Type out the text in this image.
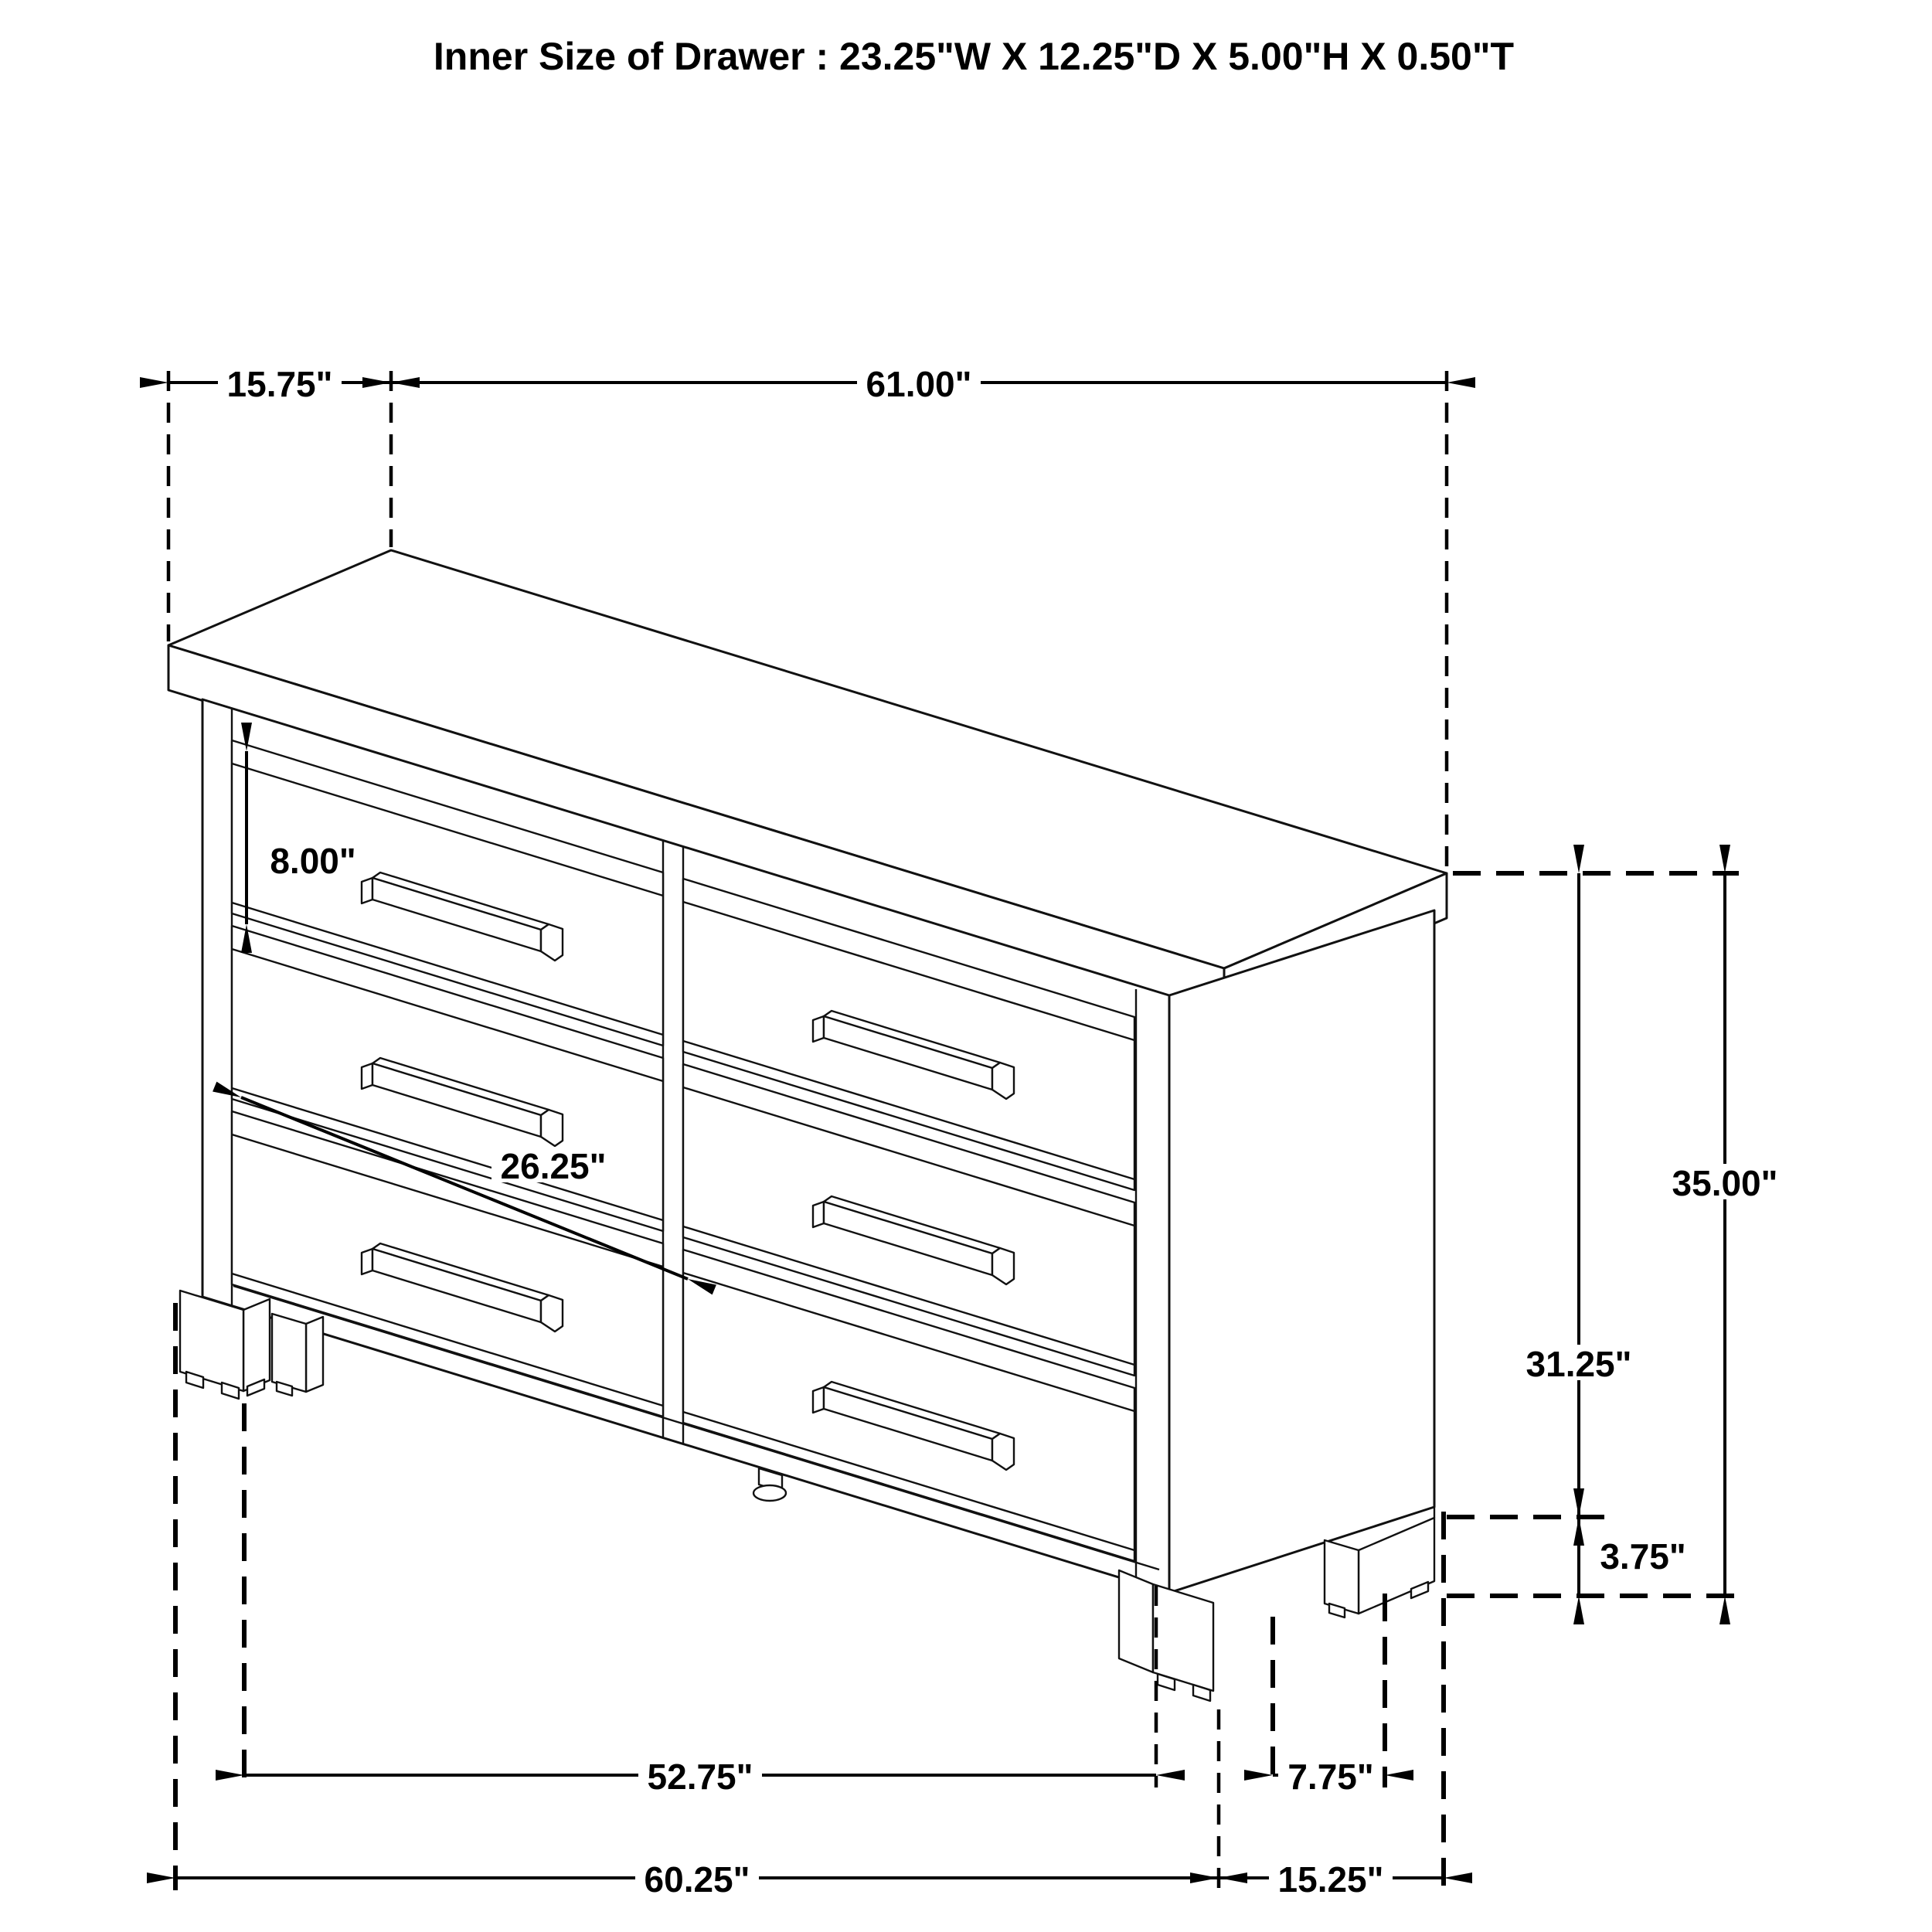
Inner Size of Drawer : 23.25"W X 12.25"D X 5.00"H X 0.50"T
15.75"	61.00"
8.00"
26.25"
31.25"
35.00"
3.75"
52.75"	7.75"
60.25"	15.25"
